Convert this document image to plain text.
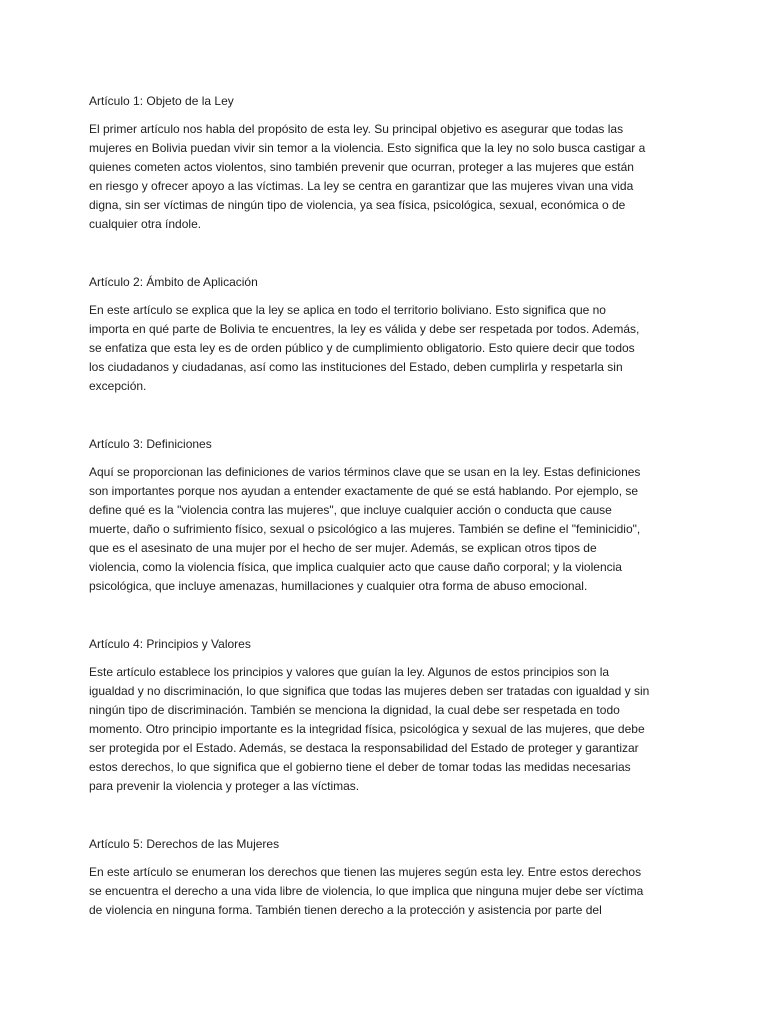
Artículo 1: Objeto de la Ley
El primer artículo nos habla del propósito de esta ley. Su principal objetivo es asegurar que todas las
mujeres en Bolivia puedan vivir sin temor a la violencia. Esto significa que la ley no solo busca castigar a
quienes cometen actos violentos, sino también prevenir que ocurran, proteger a las mujeres que están
en riesgo y ofrecer apoyo a las víctimas. La ley se centra en garantizar que las mujeres vivan una vida
digna, sin ser víctimas de ningún tipo de violencia, ya sea física, psicológica, sexual, económica o de
cualquier otra índole.
Artículo 2: Ámbito de Aplicación
En este artículo se explica que la ley se aplica en todo el territorio boliviano. Esto significa que no
importa en qué parte de Bolivia te encuentres, la ley es válida y debe ser respetada por todos. Además,
se enfatiza que esta ley es de orden público y de cumplimiento obligatorio. Esto quiere decir que todos
los ciudadanos y ciudadanas, así como las instituciones del Estado, deben cumplirla y respetarla sin
excepción.
Artículo 3: Definiciones
Aquí se proporcionan las definiciones de varios términos clave que se usan en la ley. Estas definiciones
son importantes porque nos ayudan a entender exactamente de qué se está hablando. Por ejemplo, se
define qué es la "violencia contra las mujeres", que incluye cualquier acción o conducta que cause
muerte, daño o sufrimiento físico, sexual o psicológico a las mujeres. También se define el "feminicidio",
que es el asesinato de una mujer por el hecho de ser mujer. Además, se explican otros tipos de
violencia, como la violencia física, que implica cualquier acto que cause daño corporal; y la violencia
psicológica, que incluye amenazas, humillaciones y cualquier otra forma de abuso emocional.
Artículo 4: Principios y Valores
Este artículo establece los principios y valores que guían la ley. Algunos de estos principios son la
igualdad y no discriminación, lo que significa que todas las mujeres deben ser tratadas con igualdad y sin
ningún tipo de discriminación. También se menciona la dignidad, la cual debe ser respetada en todo
momento. Otro principio importante es la integridad física, psicológica y sexual de las mujeres, que debe
ser protegida por el Estado. Además, se destaca la responsabilidad del Estado de proteger y garantizar
estos derechos, lo que significa que el gobierno tiene el deber de tomar todas las medidas necesarias
para prevenir la violencia y proteger a las víctimas.
Artículo 5: Derechos de las Mujeres
En este artículo se enumeran los derechos que tienen las mujeres según esta ley. Entre estos derechos
se encuentra el derecho a una vida libre de violencia, lo que implica que ninguna mujer debe ser víctima
de violencia en ninguna forma. También tienen derecho a la protección y asistencia por parte del
